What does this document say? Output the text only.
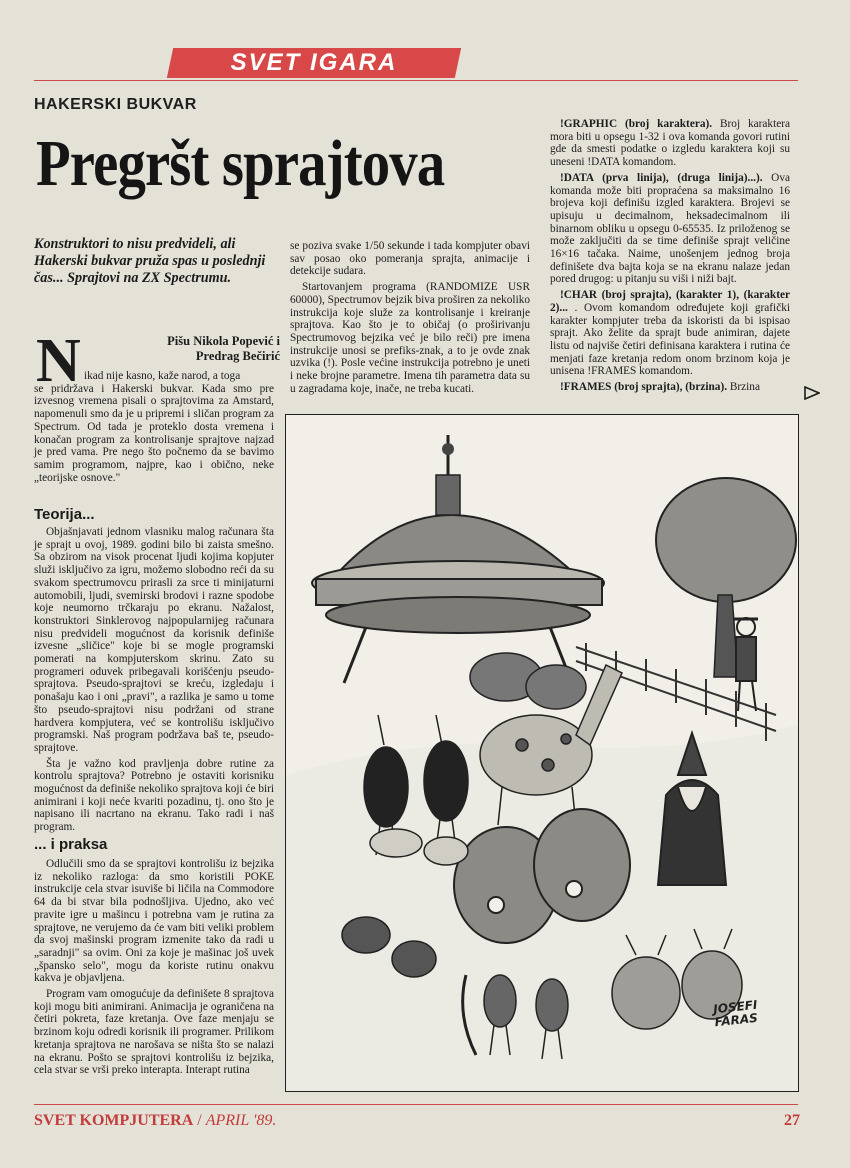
SVET IGARA
HAKERSKI BUKVAR
Pregršt sprajtova
Konstruktori to nisu predvideli, ali Hakerski bukvar pruža spas u poslednji čas... Sprajtovi na ZX Spectrumu.
Pišu Nikola Popević i
Predrag Bečirić
N ikad nije kasno, kaže narod, a toga
se pridržava i Hakerski bukvar. Kada smo pre izvesnog vremena pisali o sprajtovima za Amstard, napomenuli smo da je u pripremi i sličan program za Spectrum. Od tada je proteklo dosta vremena i konačan program za kontrolisanje sprajtove najzad je pred vama. Pre nego što počnemo da se bavimo samim programom, najpre, kao i obično, neke „teorijske osnove."

Teorija...

Objašnjavati jednom vlasniku malog računara šta je sprajt u ovoj, 1989. godini bilo bi zaista smešno. Sa obzirom na visok procenat ljudi kojima kopjuter služi isključivo za igru, možemo slobodno reći da su svakom spectrumovcu prirasli za srce ti minijaturni automobili, ljudi, svemirski brodovi i razne spodobe koje neumorno trčkaraju po ekranu. Nažalost, konstruktori Sinklerovog najpopularnijeg računara nisu predvideli mogućnost da korisnik definiše izvesne „sličice" koje bi se mogle programski pomerati na kompjuterskom skrinu. Zato su programeri oduvek pribegavali korišćenju pseudo-sprajtova. Pseudo-sprajtovi se kreću, izgledaju i ponašaju kao i oni „pravi", a razlika je samo u tome što pseudo-sprajtovi nisu podržani od strane hardvera kompjutera, već se kontrolišu isključivo programski. Naš program podržava baš te, pseudo-sprajtove.

Šta je važno kod pravljenja dobre rutine za kontrolu sprajtova? Potrebno je ostaviti korisniku mogućnost da definiše nekoliko sprajtova koji će biri animirani i koji neće kvariti pozadinu, tj. ono što je napisano ili nacrtano na ekranu. Tako radi i naš program.

... i praksa

Odlučili smo da se sprajtovi kontrolišu iz bejzika iz nekoliko razloga: da smo koristili POKE instrukcije cela stvar isuviše bi ličila na Commodore 64 da bi stvar bila podnošljiva. Ujedno, ako već pravite igre u mašincu i potrebna vam je rutina za sprajtove, ne verujemo da će vam biti veliki problem da svoj mašinski program izmenite tako da radi u „saradnji" sa ovim. Oni za koje je mašinac još uvek „špansko selo", mogu da koriste rutinu onakvu kakva je objavljena.

Program vam omogućuje da definišete 8 sprajtova koji mogu biti animirani. Animacija je ograničena na četiri pokreta, faze kretanja. Ove faze menjaju se brzinom koju odredi korisnik ili programer. Prilikom kretanja sprajtova ne narošava se ništa što se nalazi na ekranu. Pošto se sprajtovi kontrolišu iz bejzika, cela stvar se vrši preko interapta. Interapt rutina

se poziva svake 1/50 sekunde i tada kompjuter obavi sav posao oko pomeranja sprajta, animacije i detekcije sudara.

Startovanjem programa (RANDOMIZE USR 60000), Spectrumov bejzik biva proširen za nekoliko instrukcija koje služe za kontrolisanje i kreiranje sprajtova. Kao što je to običaj (o proširivanju Spectrumovog bejzika već je bilo reči) pre imena instrukcije unosi se prefiks-znak, a to je ovde znak uzvika (!). Posle većine instrukcija potrebno je uneti i neke brojne parametre. Imena tih parametra data su u zagradama koje, inače, ne treba kucati.

!GRAPHIC (broj karaktera). Broj karaktera mora biti u opsegu 1-32 i ova komanda govori rutini gde da smesti podatke o izgledu karaktera koji su uneseni !DATA komandom.

!DATA (prva linija), (druga linija)...). Ova komanda može biti propraćena sa maksimalno 16 brojeva koji definišu izgled karaktera. Brojevi se upisuju u decimalnom, heksadecimalnom ili binarnom obliku u opsegu 0-65535. Iz priloženog se može zaključiti da se time definiše sprajt veličine 16×16 tačaka. Naime, unošenjem jednog broja definišete dva bajta koja se na ekranu nalaze jedan pored drugog: u pitanju su viši i niži bajt.

!CHAR (broj sprajta), (karakter 1), (karakter 2)... . Ovom komandom određujete koji grafički karakter kompjuter treba da iskoristi da bi ispisao sprajt. Ako želite da sprajt bude animiran, dajete listu od najviše četiri definisana karaktera i rutina će menjati faze kretanja redom onom brzinom koja je unisena !FRAMES komandom.

!FRAMES (broj sprajta), (brzina). Brzina

JOSEFI
FARAS
SVET KOMPJUTERA / APRIL '89.	27
